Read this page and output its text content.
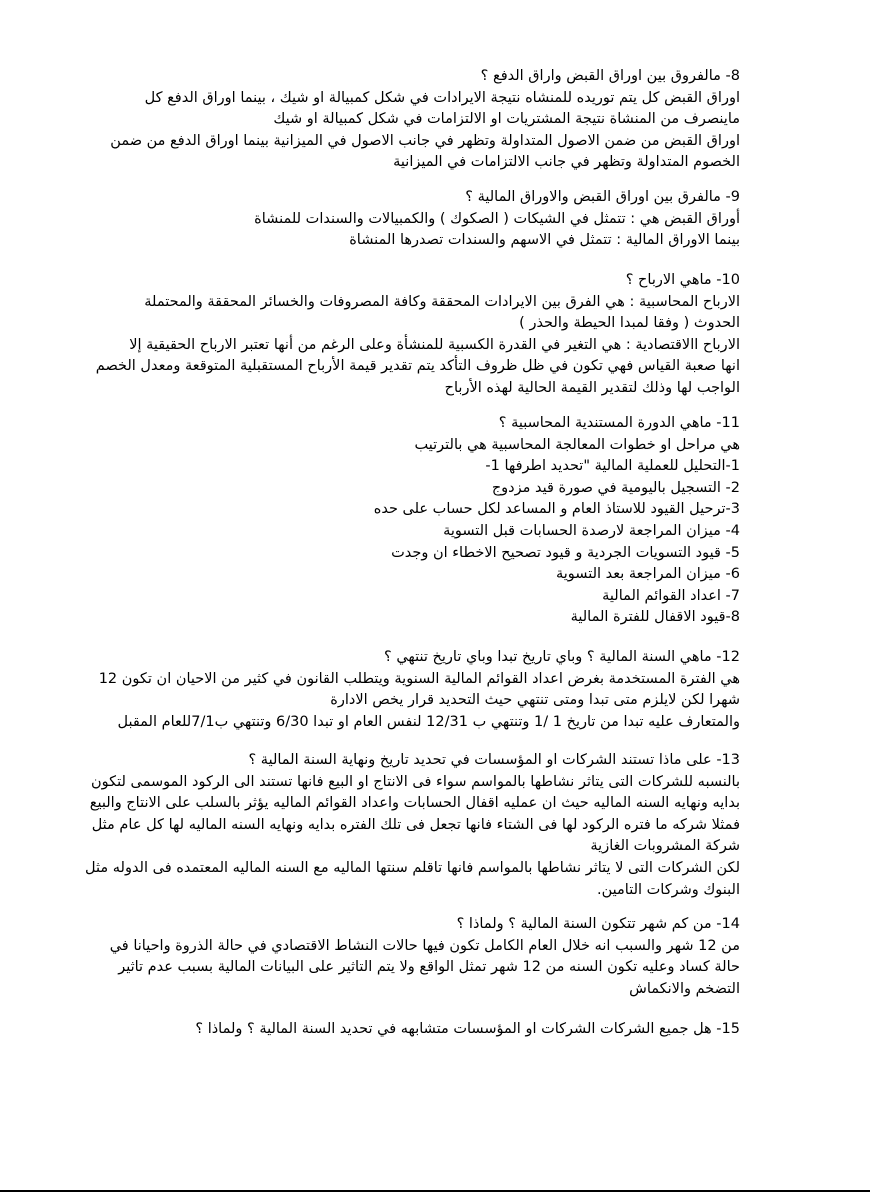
8- مالفروق بين اوراق القبض واراق الدفع ؟
اوراق القبض كل يتم توريده للمنشاه نتيجة الايرادات في شكل كمبيالة او شيك ، بينما اوراق الدفع كل
ماينصرف من المنشاة نتيجة المشتريات او الالتزامات في شكل كمبيالة او شيك
اوراق القبض من ضمن الاصول المتداولة وتظهر في جانب الاصول في الميزانية بينما اوراق الدفع من ضمن
الخصوم المتداولة وتظهر في جانب الالتزامات في الميزانية
9- مالفرق بين اوراق القبض والاوراق المالية ؟
أوراق القبض هي : تتمثل في الشيكات ( الصكوك ) والكمبيالات والسندات للمنشاة
بينما الاوراق المالية : تتمثل في الاسهم والسندات تصدرها المنشاة
10- ماهي الارباح ؟
الارباح المحاسبية : هي الفرق بين الايرادات المحققة وكافة المصروفات والخسائر المحققة والمحتملة
الحدوث ( وفقا لمبدا الحيطة والحذر )
الارباح االاقتصادية : هي التغير في القدرة الكسبية للمنشأة وعلى الرغم من أنها تعتبر الارباح الحقيقية إلا
انها صعبة القياس فهي تكون في ظل ظروف التأكد يتم تقدير قيمة الأرباح المستقبلية المتوقعة ومعدل الخصم
الواجب لها وذلك لتقدير القيمة الحالية لهذه الأرباح
11- ماهي الدورة المستندية المحاسبية ؟
هي مراحل او خطوات المعالجة المحاسبية هي بالترتيب
1-التحليل للعملية المالية "تحديد اطرفها 1-
2- التسجيل باليومية في صورة قيد مزدوج
3-ترحيل القيود للاستاذ العام و المساعد لكل حساب على حده
4- ميزان المراجعة لارصدة الحسابات قبل التسوية
5- قيود التسويات الجردية و قيود تصحيح الاخطاء ان وجدت
6- ميزان المراجعة بعد التسوية
7- اعداد القوائم المالية
8-قيود الاقفال للفترة المالية
12- ماهي السنة المالية ؟ وباي تاريخ تبدا وباي تاريخ تنتهي ؟
هي الفترة المستخدمة بغرض اعداد القوائم المالية السنوية ويتطلب القانون في كثير من الاحيان ان تكون 12
شهرا لكن لايلزم متى تبدا ومتى تنتهي حيث التحديد قرار يخص الادارة
والمتعارف عليه تبدا من تاريخ 1 /1 وتنتهي ب 12/31 لنفس العام او تبدا 6/30 وتنتهي ب7/1للعام المقبل
13- على ماذا تستند الشركات او المؤسسات في تحديد تاريخ ونهاية السنة المالية ؟
بالنسبه للشركات التى يتاثر نشاطها بالمواسم سواء فى الانتاج او البيع فانها تستند الى الركود الموسمى لتكون
بدايه ونهايه السنه الماليه حيث ان عمليه اقفال الحسابات واعداد القوائم الماليه يؤثر بالسلب على الانتاج والبيع
فمثلا شركه ما فتره الركود لها فى الشتاء فانها تجعل فى تلك الفتره بدايه ونهايه السنه الماليه لها كل عام مثل
شركة المشروبات الغازية
لكن الشركات التى لا يتاثر نشاطها بالمواسم فانها تاقلم سنتها الماليه مع السنه الماليه المعتمده فى الدوله مثل
البنوك وشركات التامين.
14- من كم شهر تتكون السنة المالية ؟ ولماذا ؟
من 12 شهر والسبب انه خلال العام الكامل تكون فيها حالات النشاط الاقتصادي في حالة الذروة واحيانا في
حالة كساد وعليه تكون السنه من 12 شهر تمثل الواقع ولا يتم التاثير على البيانات المالية بسبب عدم تاثير
التضخم والانكماش
15- هل جميع الشركات الشركات او المؤسسات متشابهه في تحديد السنة المالية ؟ ولماذا ؟
